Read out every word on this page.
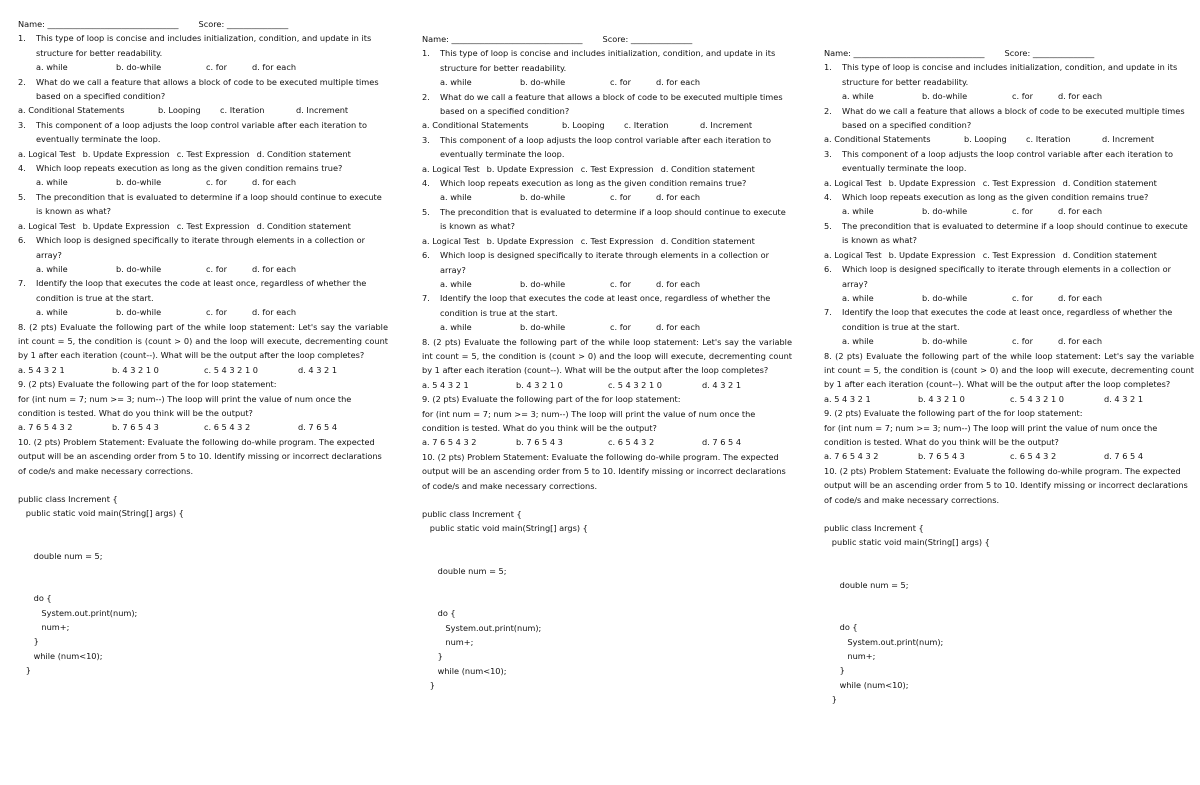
Name: ________________________________ Score: _______________
1.	This type of loop is concise and includes initialization, condition, and update in its structure for better readability.
a. while	b. do-while	c. for	d. for each
2.	What do we call a feature that allows a block of code to be executed multiple times based on a specified condition?
a. Conditional Statements	b. Looping	c. Iteration	d. Increment
3.	This component of a loop adjusts the loop control variable after each iteration to eventually terminate the loop.
a. Logical Test b. Update Expression c. Test Expression d. Condition statement
4.	Which loop repeats execution as long as the given condition remains true?
a. while	b. do-while	c. for	d. for each
5.	The precondition that is evaluated to determine if a loop should continue to execute is known as what?
a. Logical Test b. Update Expression c. Test Expression d. Condition statement
6.	Which loop is designed specifically to iterate through elements in a collection or array?
a. while	b. do-while	c. for	d. for each
7.	Identify the loop that executes the code at least once, regardless of whether the condition is true at the start.
a. while	b. do-while	c. for	d. for each
8. (2 pts) Evaluate the following part of the while loop statement: Let's say the variable int count = 5, the condition is (count > 0) and the loop will execute, decrementing count by 1 after each iteration (count--). What will be the output after the loop completes?
a. 5 4 3 2 1	b. 4 3 2 1 0	c. 5 4 3 2 1 0	d. 4 3 2 1
9. (2 pts) Evaluate the following part of the for loop statement:
for (int num = 7; num >= 3; num--) The loop will print the value of num once the condition is tested. What do you think will be the output?
a. 7 6 5 4 3 2	b. 7 6 5 4 3	c. 6 5 4 3 2	d. 7 6 5 4
10. (2 pts) Problem Statement: Evaluate the following do-while program. The expected output will be an ascending order from 5 to 10. Identify missing or incorrect declarations of code/s and make necessary corrections.
public class Increment {
public static void main(String[] args) {
double num = 5;
do {
System.out.print(num);
num+;
}
while (num<10);
}
Name: ________________________________ Score: _______________
1.	This type of loop is concise and includes initialization, condition, and update in its structure for better readability.
a. while	b. do-while	c. for	d. for each
2.	What do we call a feature that allows a block of code to be executed multiple times based on a specified condition?
a. Conditional Statements	b. Looping	c. Iteration	d. Increment
3.	This component of a loop adjusts the loop control variable after each iteration to eventually terminate the loop.
a. Logical Test b. Update Expression c. Test Expression d. Condition statement
4.	Which loop repeats execution as long as the given condition remains true?
a. while	b. do-while	c. for	d. for each
5.	The precondition that is evaluated to determine if a loop should continue to execute is known as what?
a. Logical Test b. Update Expression c. Test Expression d. Condition statement
6.	Which loop is designed specifically to iterate through elements in a collection or array?
a. while	b. do-while	c. for	d. for each
7.	Identify the loop that executes the code at least once, regardless of whether the condition is true at the start.
a. while	b. do-while	c. for	d. for each
8. (2 pts) Evaluate the following part of the while loop statement: Let's say the variable int count = 5, the condition is (count > 0) and the loop will execute, decrementing count by 1 after each iteration (count--). What will be the output after the loop completes?
a. 5 4 3 2 1	b. 4 3 2 1 0	c. 5 4 3 2 1 0	d. 4 3 2 1
9. (2 pts) Evaluate the following part of the for loop statement:
for (int num = 7; num >= 3; num--) The loop will print the value of num once the condition is tested. What do you think will be the output?
a. 7 6 5 4 3 2	b. 7 6 5 4 3	c. 6 5 4 3 2	d. 7 6 5 4
10. (2 pts) Problem Statement: Evaluate the following do-while program. The expected output will be an ascending order from 5 to 10. Identify missing or incorrect declarations of code/s and make necessary corrections.
public class Increment {
public static void main(String[] args) {
double num = 5;
do {
System.out.print(num);
num+;
}
while (num<10);
}
Name: ________________________________ Score: _______________
1.	This type of loop is concise and includes initialization, condition, and update in its structure for better readability.
a. while	b. do-while	c. for	d. for each
2.	What do we call a feature that allows a block of code to be executed multiple times based on a specified condition?
a. Conditional Statements	b. Looping	c. Iteration	d. Increment
3.	This component of a loop adjusts the loop control variable after each iteration to eventually terminate the loop.
a. Logical Test b. Update Expression c. Test Expression d. Condition statement
4.	Which loop repeats execution as long as the given condition remains true?
a. while	b. do-while	c. for	d. for each
5.	The precondition that is evaluated to determine if a loop should continue to execute is known as what?
a. Logical Test b. Update Expression c. Test Expression d. Condition statement
6.	Which loop is designed specifically to iterate through elements in a collection or array?
a. while	b. do-while	c. for	d. for each
7.	Identify the loop that executes the code at least once, regardless of whether the condition is true at the start.
a. while	b. do-while	c. for	d. for each
8. (2 pts) Evaluate the following part of the while loop statement: Let's say the variable int count = 5, the condition is (count > 0) and the loop will execute, decrementing count by 1 after each iteration (count--). What will be the output after the loop completes?
a. 5 4 3 2 1	b. 4 3 2 1 0	c. 5 4 3 2 1 0	d. 4 3 2 1
9. (2 pts) Evaluate the following part of the for loop statement:
for (int num = 7; num >= 3; num--) The loop will print the value of num once the condition is tested. What do you think will be the output?
a. 7 6 5 4 3 2	b. 7 6 5 4 3	c. 6 5 4 3 2	d. 7 6 5 4
10. (2 pts) Problem Statement: Evaluate the following do-while program. The expected output will be an ascending order from 5 to 10. Identify missing or incorrect declarations of code/s and make necessary corrections.
public class Increment {
public static void main(String[] args) {
double num = 5;
do {
System.out.print(num);
num+;
}
while (num<10);
}
